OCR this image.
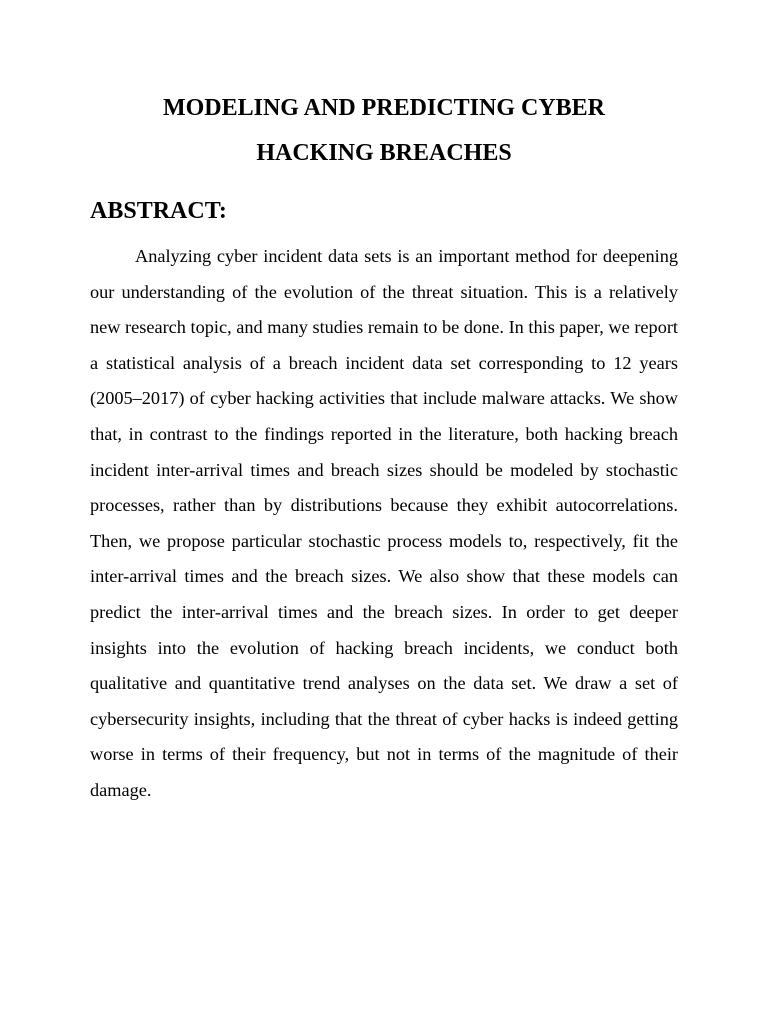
MODELING AND PREDICTING CYBER
HACKING BREACHES
ABSTRACT:

Analyzing cyber incident data sets is an important method for deepening our understanding of the evolution of the threat situation. This is a relatively new research topic, and many studies remain to be done. In this paper, we report a statistical analysis of a breach incident data set corresponding to 12 years (2005–2017) of cyber hacking activities that include malware attacks. We show that, in contrast to the findings reported in the literature, both hacking breach incident inter-arrival times and breach sizes should be modeled by stochastic processes, rather than by distributions because they exhibit autocorrelations. Then, we propose particular stochastic process models to, respectively, fit the inter-arrival times and the breach sizes. We also show that these models can predict the inter-arrival times and the breach sizes. In order to get deeper insights into the evolution of hacking breach incidents, we conduct both qualitative and quantitative trend analyses on the data set. We draw a set of cybersecurity insights, including that the threat of cyber hacks is indeed getting worse in terms of their frequency, but not in terms of the magnitude of their damage.
